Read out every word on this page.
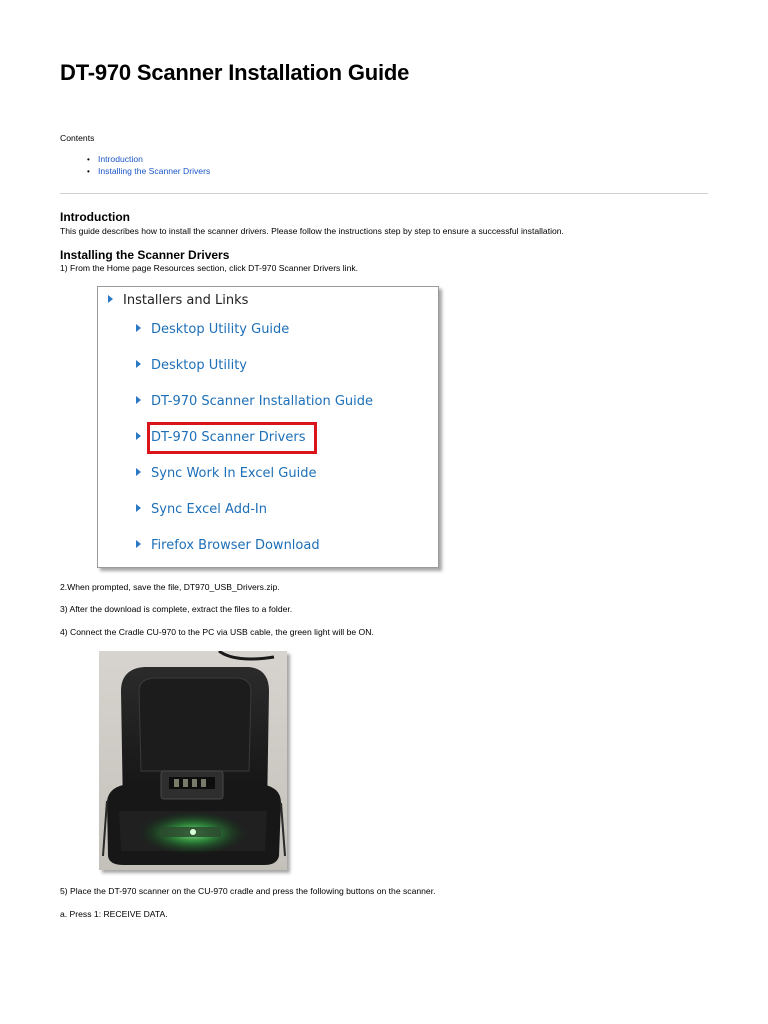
DT-970 Scanner Installation Guide
Contents
• Introduction
• Installing the Scanner Drivers
Introduction

This guide describes how to install the scanner drivers. Please follow the instructions step by step to ensure a successful installation.

Installing the Scanner Drivers

1) From the Home page Resources section, click DT-970 Scanner Drivers link.

Installers and Links
Desktop Utility Guide
Desktop Utility
DT-970 Scanner Installation Guide
DT-970 Scanner Drivers
Sync Work In Excel Guide
Sync Excel Add-In
Firefox Browser Download

2.When prompted, save the file, DT970_USB_Drivers.zip.

3) After the download is complete, extract the files to a folder.

4) Connect the Cradle CU-970 to the PC via USB cable, the green light will be ON.

5) Place the DT-970 scanner on the CU-970 cradle and press the following buttons on the scanner.

a. Press 1: RECEIVE DATA.
